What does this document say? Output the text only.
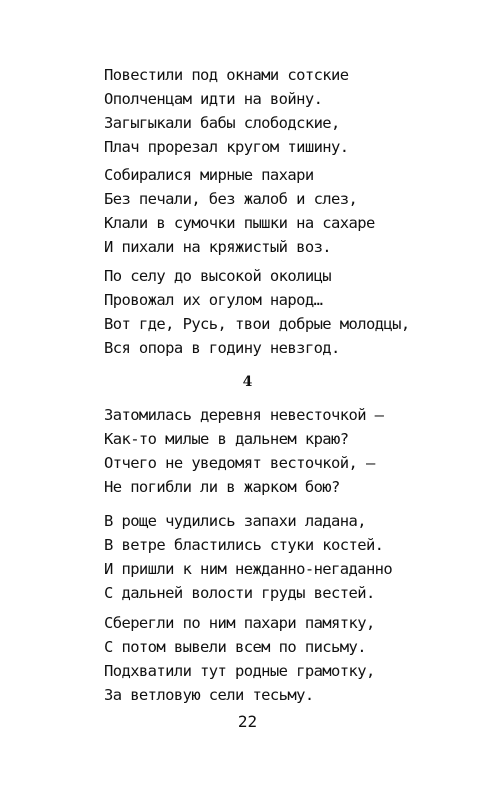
Повестили под окнами сотские
Ополченцам идти на войну.
Загыгыкали бабы слободские,
Плач прорезал кругом тишину.
Собиралися мирные пахари
Без печали, без жалоб и слез,
Клали в сумочки пышки на сахаре
И пихали на кряжистый воз.
По селу до высокой околицы
Провожал их огулом народ…
Вот где, Русь, твои добрые молодцы,
Вся опора в годину невзгод.
4
Затомилась деревня невесточкой —
Как-то милые в дальнем краю?
Отчего не уведомят весточкой, —
Не погибли ли в жарком бою?
В роще чудились запахи ладана,
В ветре бластились стуки костей.
И пришли к ним нежданно-негаданно
С дальней волости груды вестей.
Сберегли по ним пахари памятку,
С потом вывели всем по письму.
Подхватили тут родные грамотку,
За ветловую сели тесьму.
22
